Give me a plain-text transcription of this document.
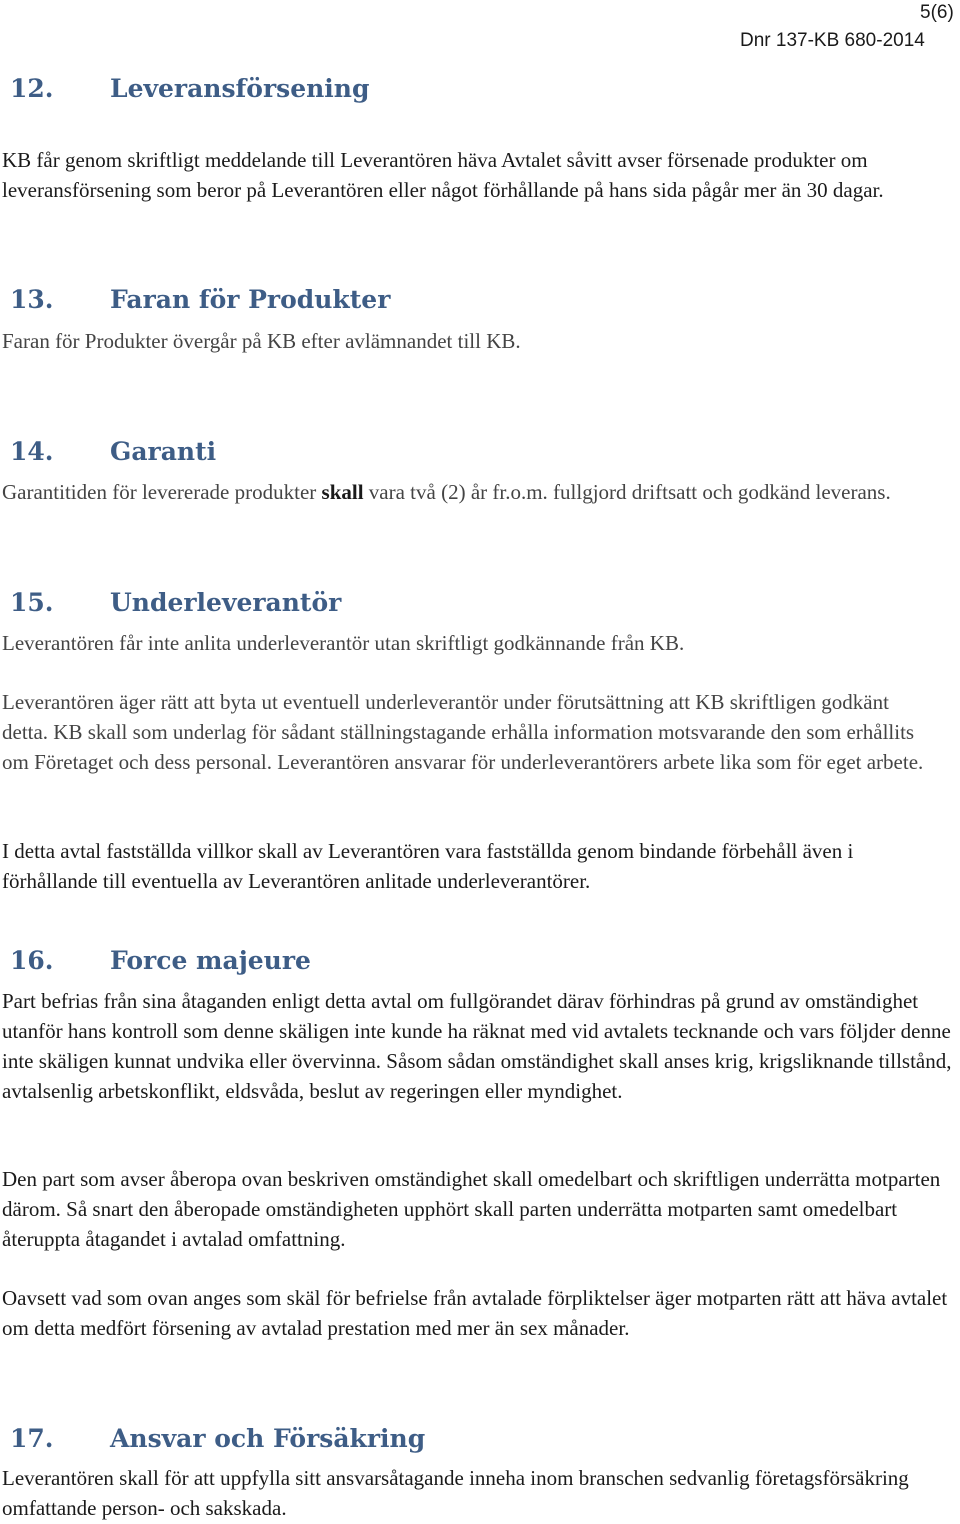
5(6)
Dnr 137-KB 680-2014
12. Leveransförsening

KB får genom skriftligt meddelande till Leverantören häva Avtalet såvitt avser försenade produkter om leveransförsening som beror på Leverantören eller något förhållande på hans sida pågår mer än 30 dagar.

13. Faran för Produkter

Faran för Produkter övergår på KB efter avlämnandet till KB.

14. Garanti

Garantitiden för levererade produkter skall vara två (2) år fr.o.m. fullgjord driftsatt och godkänd leverans.

15. Underleverantör

Leverantören får inte anlita underleverantör utan skriftligt godkännande från KB.

Leverantören äger rätt att byta ut eventuell underleverantör under förutsättning att KB skriftligen godkänt detta. KB skall som underlag för sådant ställningstagande erhålla information motsvarande den som erhållits om Företaget och dess personal. Leverantören ansvarar för underleverantörers arbete lika som för eget arbete.

I detta avtal fastställda villkor skall av Leverantören vara fastställda genom bindande förbehåll även i förhållande till eventuella av Leverantören anlitade underleverantörer.

16. Force majeure

Part befrias från sina åtaganden enligt detta avtal om fullgörandet därav förhindras på grund av omständighet utanför hans kontroll som denne skäligen inte kunde ha räknat med vid avtalets tecknande och vars följder denne inte skäligen kunnat undvika eller övervinna. Såsom sådan omständighet skall anses krig, krigsliknande tillstånd, avtalsenlig arbetskonflikt, eldsvåda, beslut av regeringen eller myndighet.

Den part som avser åberopa ovan beskriven omständighet skall omedelbart och skriftligen underrätta motparten därom. Så snart den åberopade omständigheten upphört skall parten underrätta motparten samt omedelbart återuppta åtagandet i avtalad omfattning.

Oavsett vad som ovan anges som skäl för befrielse från avtalade förpliktelser äger motparten rätt att häva avtalet om detta medfört försening av avtalad prestation med mer än sex månader.

17. Ansvar och Försäkring

Leverantören skall för att uppfylla sitt ansvarsåtagande inneha inom branschen sedvanlig företagsförsäkring omfattande person- och sakskada.
